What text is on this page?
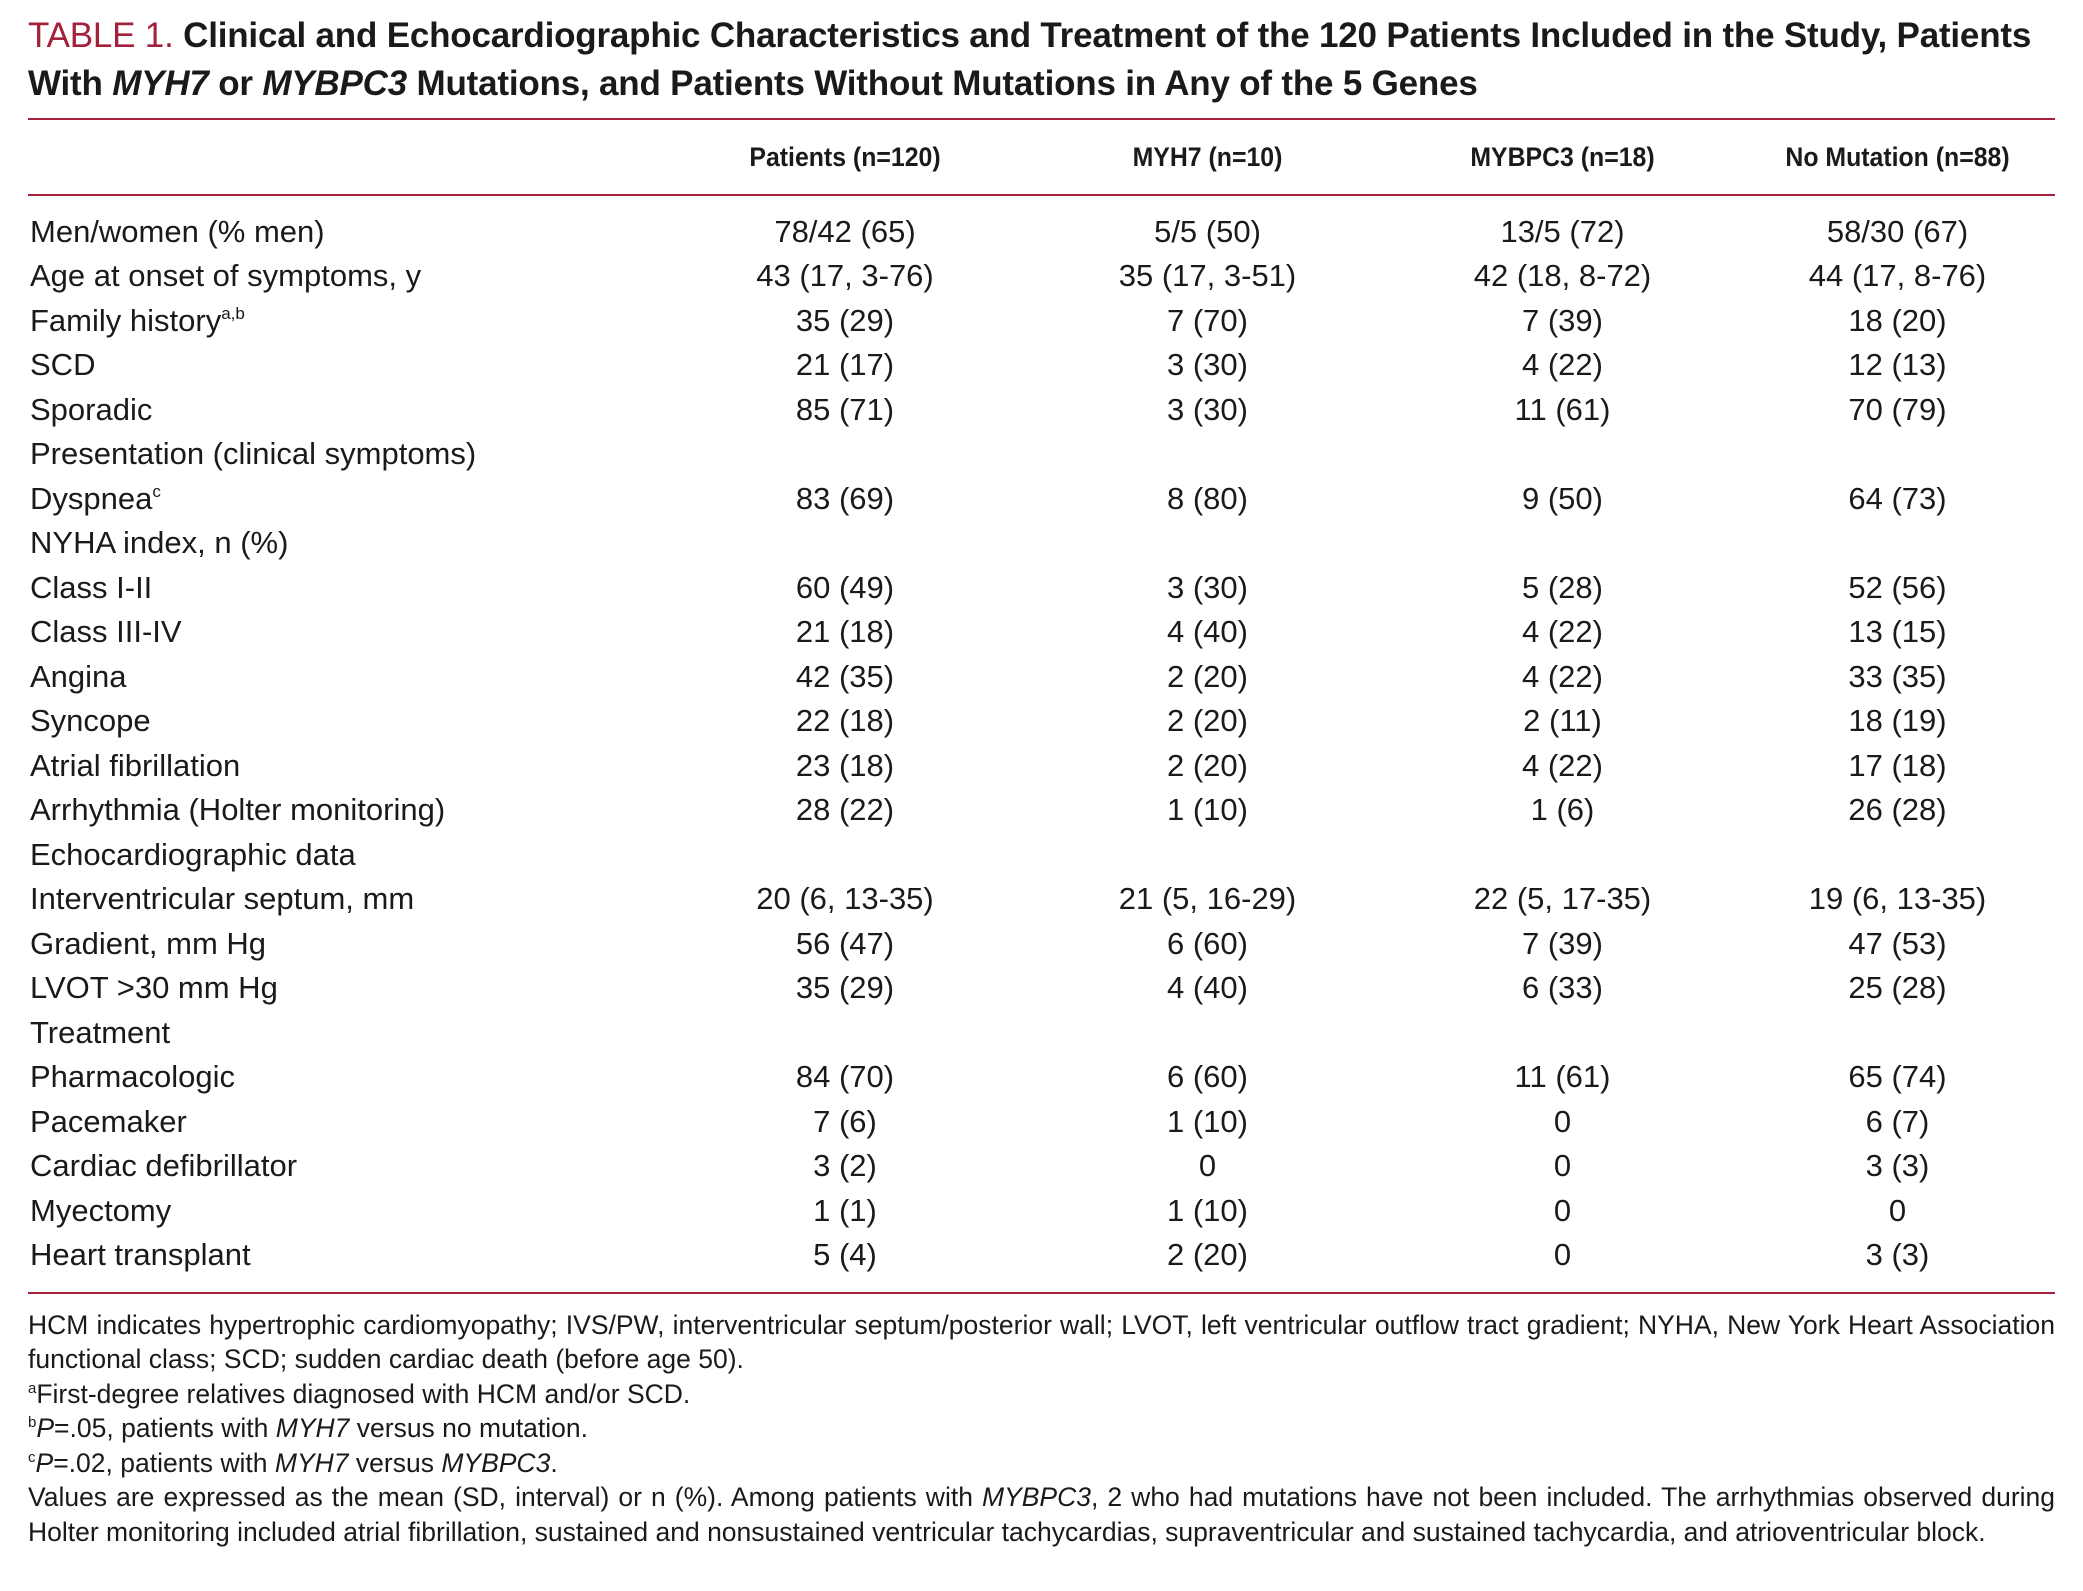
TABLE 1. Clinical and Echocardiographic Characteristics and Treatment of the 120 Patients Included in the Study, Patients With MYH7 or MYBPC3 Mutations, and Patients Without Mutations in Any of the 5 Genes
	Patients (n=120)	MYH7 (n=10)	MYBPC3 (n=18)	No Mutation (n=88)
Men/women (% men)	78/42 (65)	5/5 (50)	13/5 (72)	58/30 (67)
Age at onset of symptoms, y	43 (17, 3-76)	35 (17, 3-51)	42 (18, 8-72)	44 (17, 8-76)
Family history$^{a,b}$	35 (29)	7 (70)	7 (39)	18 (20)
SCD	21 (17)	3 (30)	4 (22)	12 (13)
Sporadic	85 (71)	3 (30)	11 (61)	70 (79)
Presentation (clinical symptoms)				
Dyspnea$^c$	83 (69)	8 (80)	9 (50)	64 (73)
NYHA index, n (%)				
Class I-II	60 (49)	3 (30)	5 (28)	52 (56)
Class III-IV	21 (18)	4 (40)	4 (22)	13 (15)
Angina	42 (35)	2 (20)	4 (22)	33 (35)
Syncope	22 (18)	2 (20)	2 (11)	18 (19)
Atrial fibrillation	23 (18)	2 (20)	4 (22)	17 (18)
Arrhythmia (Holter monitoring)	28 (22)	1 (10)	1 (6)	26 (28)
Echocardiographic data				
Interventricular septum, mm	20 (6, 13-35)	21 (5, 16-29)	22 (5, 17-35)	19 (6, 13-35)
Gradient, mm Hg	56 (47)	6 (60)	7 (39)	47 (53)
LVOT >30 mm Hg	35 (29)	4 (40)	6 (33)	25 (28)
Treatment				
Pharmacologic	84 (70)	6 (60)	11 (61)	65 (74)
Pacemaker	7 (6)	1 (10)	0	6 (7)
Cardiac defibrillator	3 (2)	0	0	3 (3)
Myectomy	1 (1)	1 (10)	0	0
Heart transplant	5 (4)	2 (20)	0	3 (3)

HCM indicates hypertrophic cardiomyopathy; IVS/PW, interventricular septum/posterior wall; LVOT, left ventricular outflow tract gradient; NYHA, New York Heart Association functional class; SCD; sudden cardiac death (before age 50).

$^a$First-degree relatives diagnosed with HCM and/or SCD.

$^b$P=.05, patients with MYH7 versus no mutation.

$^c$P=.02, patients with MYH7 versus MYBPC3.

Values are expressed as the mean (SD, interval) or n (%). Among patients with MYBPC3, 2 who had mutations have not been included. The arrhythmias observed during Holter monitoring included atrial fibrillation, sustained and nonsustained ventricular tachycardias, supraventricular and sustained tachycardia, and atrioventricular block.
